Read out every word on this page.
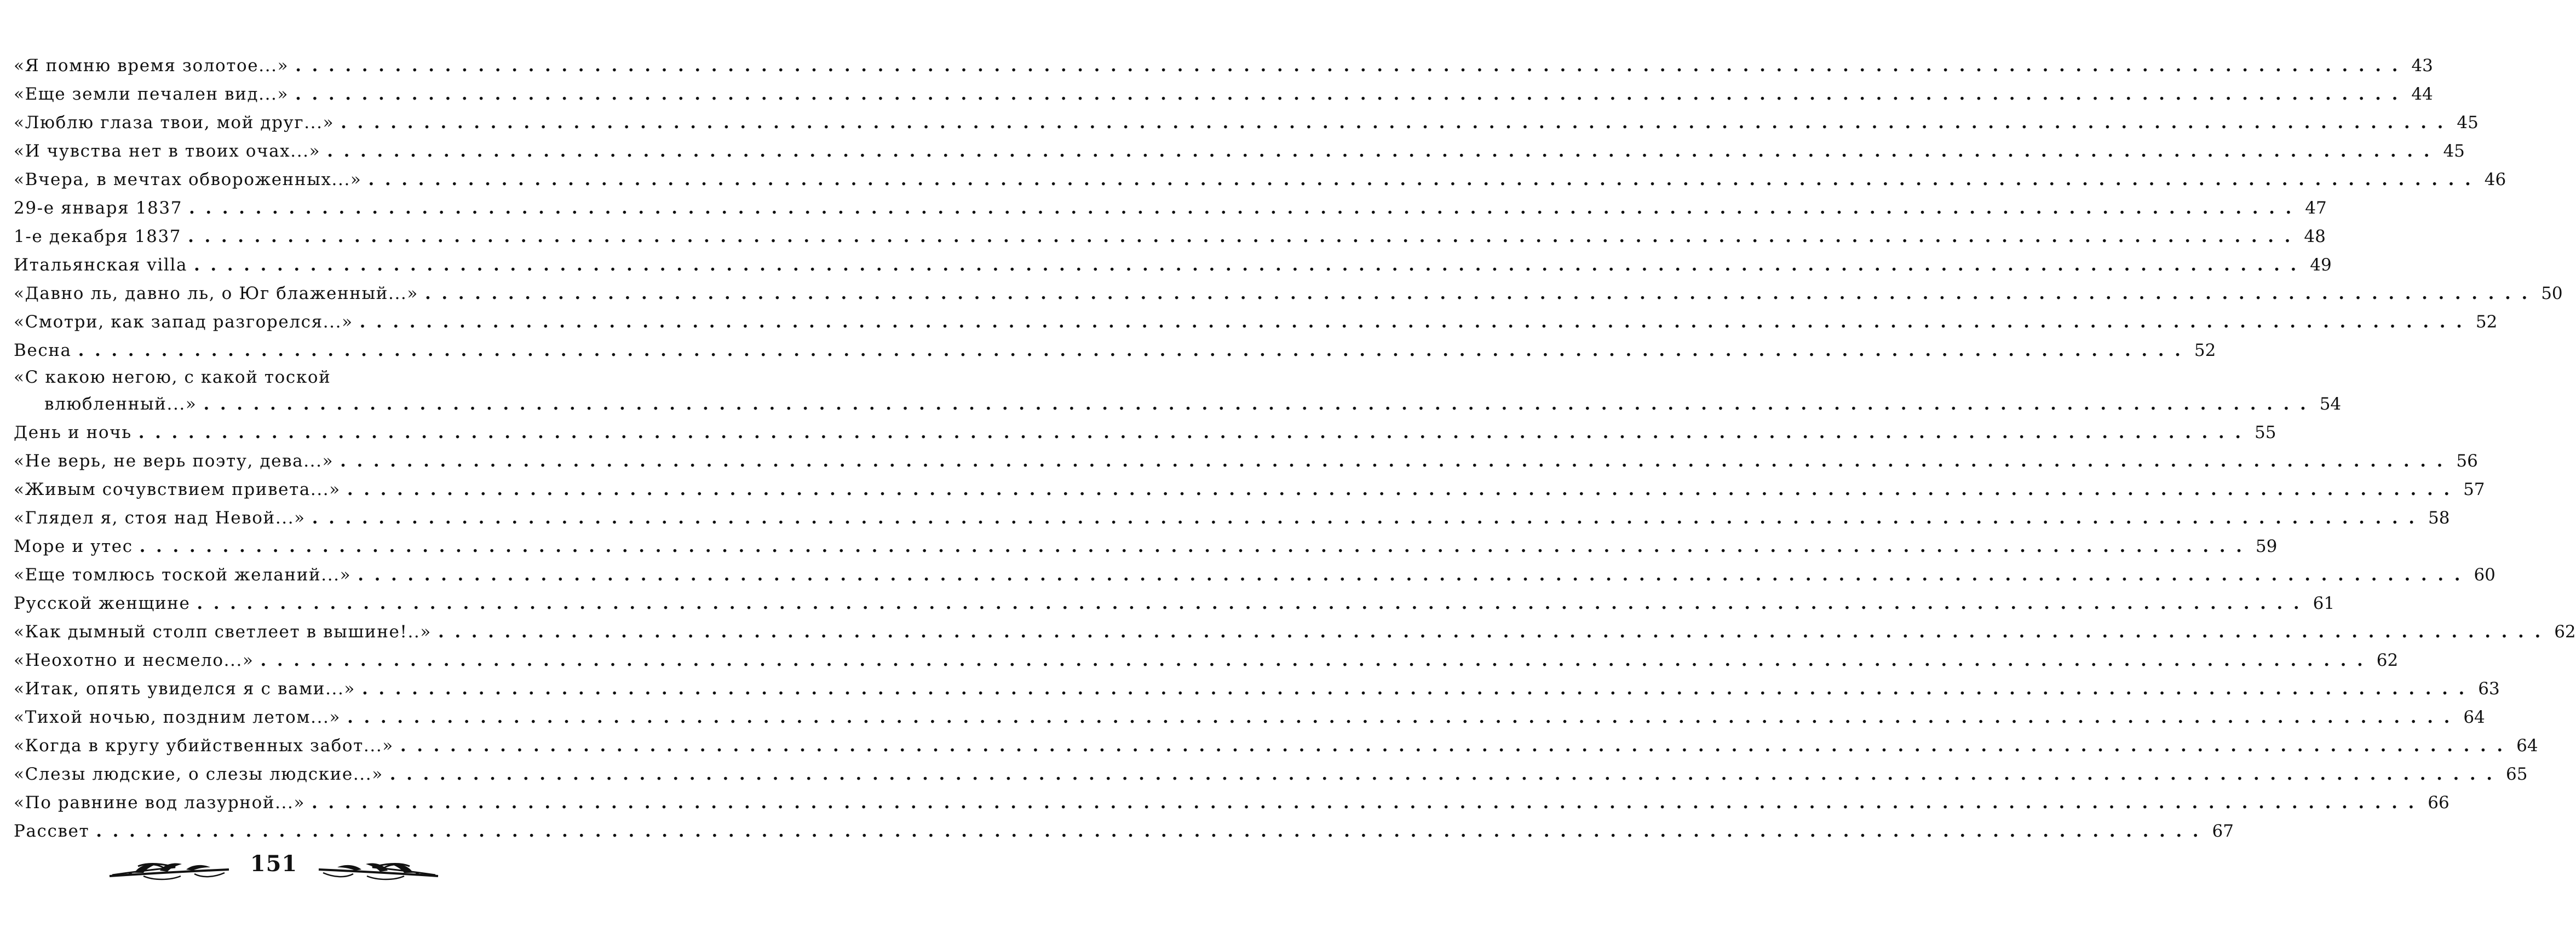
«Я помню время золотое...» . . .	43
«Еще земли печален вид...» . . .	44
«Люблю глаза твои, мой друг...» . . .	45
«И чувства нет в твоих очах...» . . .	45
«Вчера, в мечтах обвороженных...» . . .	46
29-е января 1837 . . .	47
1-е декабря 1837 . . .	48
Итальянская villa . . .	49
«Давно ль, давно ль, о Юг блаженный...» . . .	50
«Смотри, как запад разгорелся...» . . .	52
Весна . . .	52
«С какою негою, с какой тоской
влюбленный...» . . .	54
День и ночь . . .	55
«Не верь, не верь поэту, дева...» . . .	56
«Живым сочувствием привета...» . . .	57
«Глядел я, стоя над Невой...» . . .	58
Море и утес . . .	59
«Еще томлюсь тоской желаний...» . . .	60
Русской женщине . . .	61
«Как дымный столп светлеет в вышине!..» . . .	62
«Неохотно и несмело...» . . .	62
«Итак, опять увиделся я с вами...» . . .	63
«Тихой ночью, поздним летом...» . . .	64
«Когда в кругу убийственных забот...» . . .	64
«Слезы людские, о слезы людские...» . . .	65
«По равнине вод лазурной...» . . .	66
Рассвет . . .	67
151
